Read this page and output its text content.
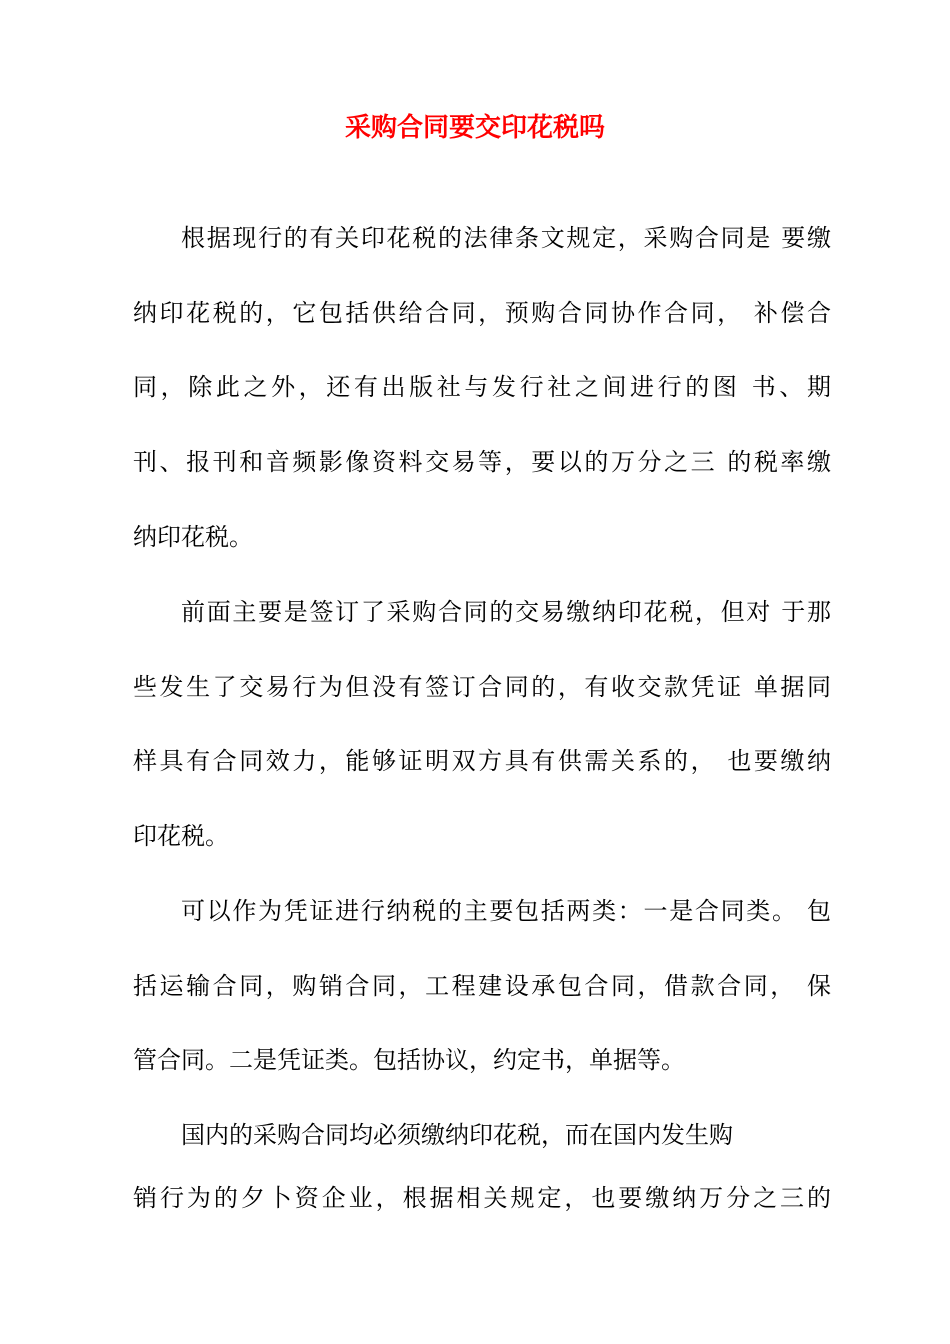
采购合同要交印花税吗
根据现行的有关印花税的法律条文规定，采购合同是 要缴
纳印花税的，它包括供给合同，预购合同协作合同， 补偿合
同，除此之外，还有出版社与发行社之间进行的图 书、期
刊、报刊和音频影像资料交易等，要以的万分之三 的税率缴
纳印花税。
前面主要是签订了采购合同的交易缴纳印花税，但对 于那
些发生了交易行为但没有签订合同的，有收交款凭证 单据同
样具有合同效力，能够证明双方具有供需关系的， 也要缴纳
印花税。
可以作为凭证进行纳税的主要包括两类：一是合同类。 包
括运输合同，购销合同，工程建设承包合同，借款合同， 保
管合同。二是凭证类。包括协议，约定书，单据等。
国内的采购合同均必须缴纳印花税，而在国内发生购
销行为的夕卜资企业，根据相关规定，也要缴纳万分之三的
